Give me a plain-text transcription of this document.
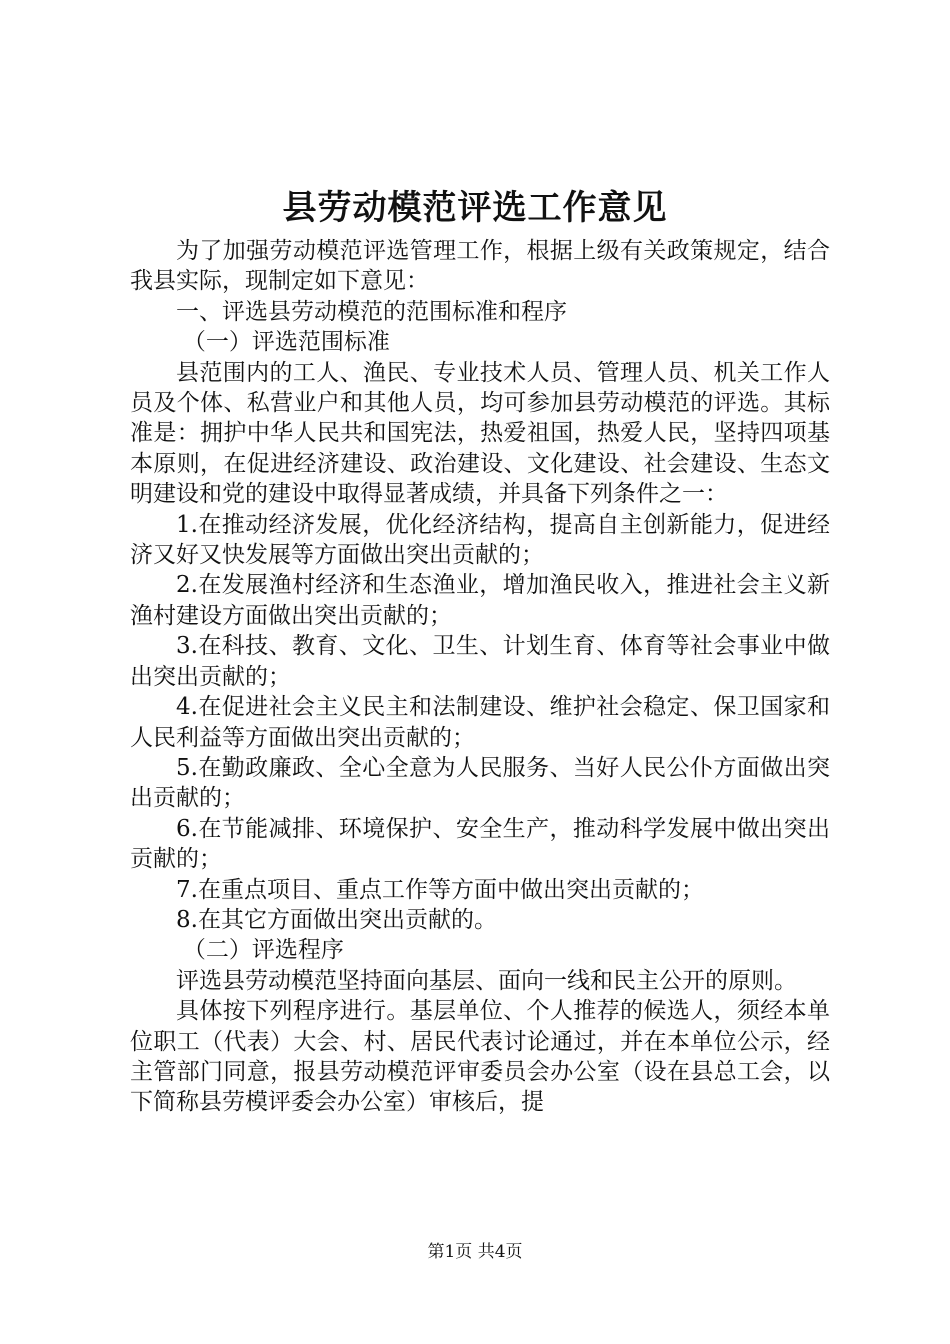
县劳动模范评选工作意见

为了加强劳动模范评选管理工作，根据上级有关政策规定，结合我县实际，现制定如下意见：

一、评选县劳动模范的范围标准和程序

（一）评选范围标准

县范围内的工人、渔民、专业技术人员、管理人员、机关工作人员及个体、私营业户和其他人员，均可参加县劳动模范的评选。其标准是：拥护中华人民共和国宪法，热爱祖国，热爱人民，坚持四项基本原则，在促进经济建设、政治建设、文化建设、社会建设、生态文明建设和党的建设中取得显著成绩，并具备下列条件之一：

1.在推动经济发展，优化经济结构，提高自主创新能力，促进经济又好又快发展等方面做出突出贡献的；

2.在发展渔村经济和生态渔业，增加渔民收入，推进社会主义新渔村建设方面做出突出贡献的；

3.在科技、教育、文化、卫生、计划生育、体育等社会事业中做出突出贡献的；

4.在促进社会主义民主和法制建设、维护社会稳定、保卫国家和人民利益等方面做出突出贡献的；

5.在勤政廉政、全心全意为人民服务、当好人民公仆方面做出突出贡献的；

6.在节能减排、环境保护、安全生产，推动科学发展中做出突出贡献的；

7.在重点项目、重点工作等方面中做出突出贡献的；

8.在其它方面做出突出贡献的。

（二）评选程序

评选县劳动模范坚持面向基层、面向一线和民主公开的原则。

具体按下列程序进行。基层单位、个人推荐的候选人，须经本单位职工（代表）大会、村、居民代表讨论通过，并在本单位公示，经主管部门同意，报县劳动模范评审委员会办公室（设在县总工会，以下简称县劳模评委会办公室）审核后，提

第1页 共4页
